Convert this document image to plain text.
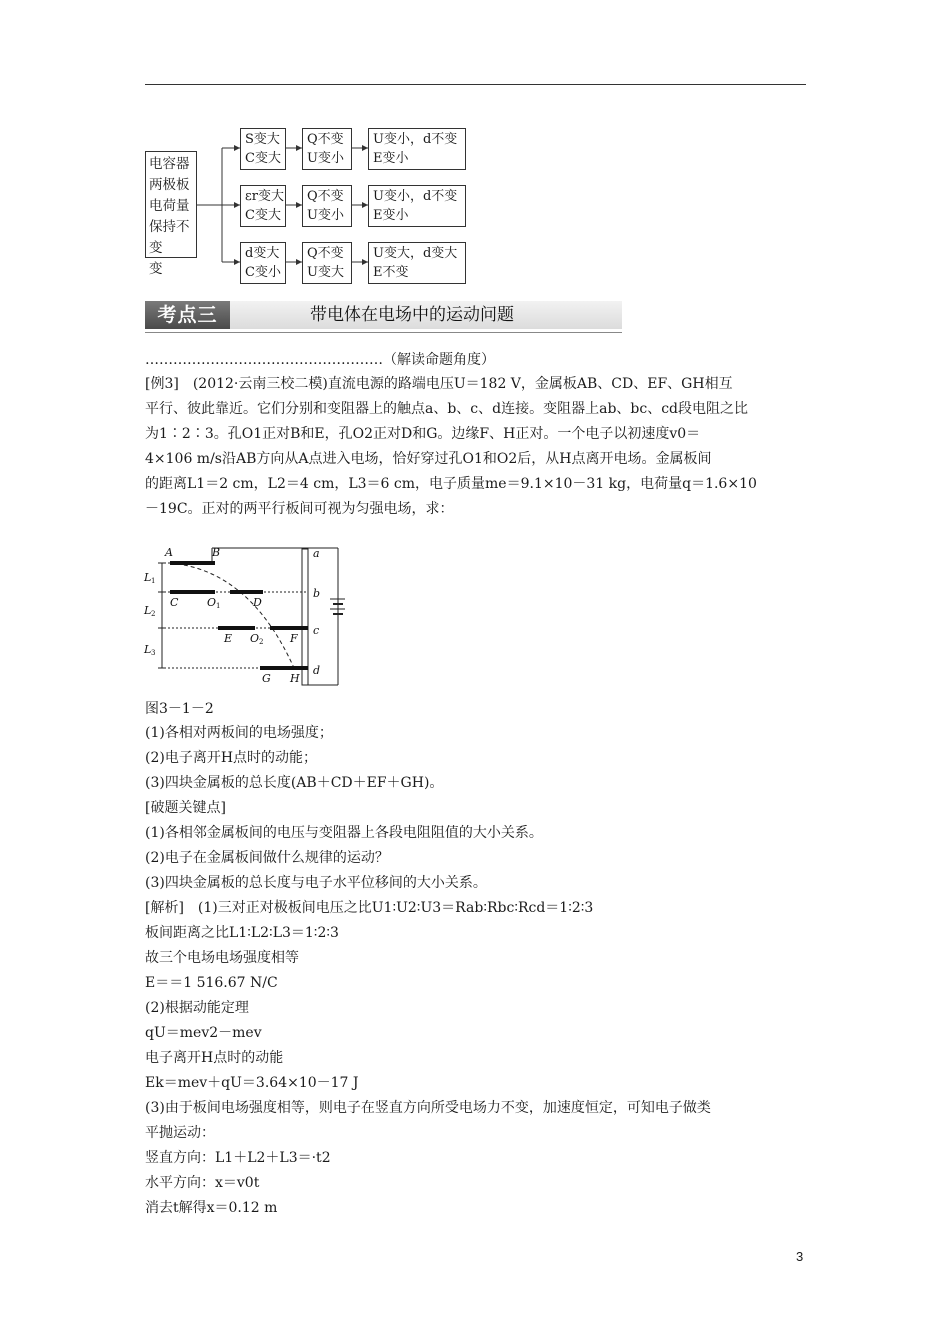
电容器
两极板
电荷量
保持不变
变
S变大
C变大
Q不变
U变小
U变小，d不变
E变小
εr变大
C变大
Q不变
U变小
U变小，d不变
E变小
d变大
C变小
Q不变
U变大
U变大，d变大
E不变
考点三	带电体在电场中的运动问题
……………………………………………（解读命题角度）
[例3]　(2012·云南三校二模)直流电源的路端电压U＝182 V，金属板AB、CD、EF、GH相互
平行、彼此靠近。它们分别和变阻器上的触点a、b、c、d连接。变阻器上ab、bc、cd段电阻之比
为1∶2∶3。孔O1正对B和E，孔O2正对D和G。边缘F、H正对。一个电子以初速度v0＝
4×106 m/s沿AB方向从A点进入电场，恰好穿过孔O1和O2后，从H点离开电场。金属板间
的距离L1＝2 cm，L2＝4 cm，L3＝6 cm，电子质量me＝9.1×10－31 kg，电荷量q＝1.6×10
－19C。正对的两平行板间可视为匀强电场，求：
A	B
C	O 1	D
E O 2 F
G H
a
b
c
d
L 1
L 2
L 3
图3－1－2
(1)各相对两板间的电场强度；
(2)电子离开H点时的动能；
(3)四块金属板的总长度(AB＋CD＋EF＋GH)。
[破题关键点]
(1)各相邻金属板间的电压与变阻器上各段电阻阻值的大小关系。
(2)电子在金属板间做什么规律的运动？
(3)四块金属板的总长度与电子水平位移间的大小关系。
[解析]　(1)三对正对极板间电压之比U1∶U2∶U3＝Rab∶Rbc∶Rcd＝1∶2∶3
板间距离之比L1∶L2∶L3＝1∶2∶3
故三个电场电场强度相等
E＝＝1 516.67 N/C
(2)根据动能定理
qU＝mev2－mev
电子离开H点时的动能
Ek＝mev＋qU＝3.64×10－17 J
(3)由于板间电场强度相等，则电子在竖直方向所受电场力不变，加速度恒定，可知电子做类
平抛运动：
竖直方向：L1＋L2＋L3＝·t2
水平方向：x＝v0t
消去t解得x＝0.12 m
3
